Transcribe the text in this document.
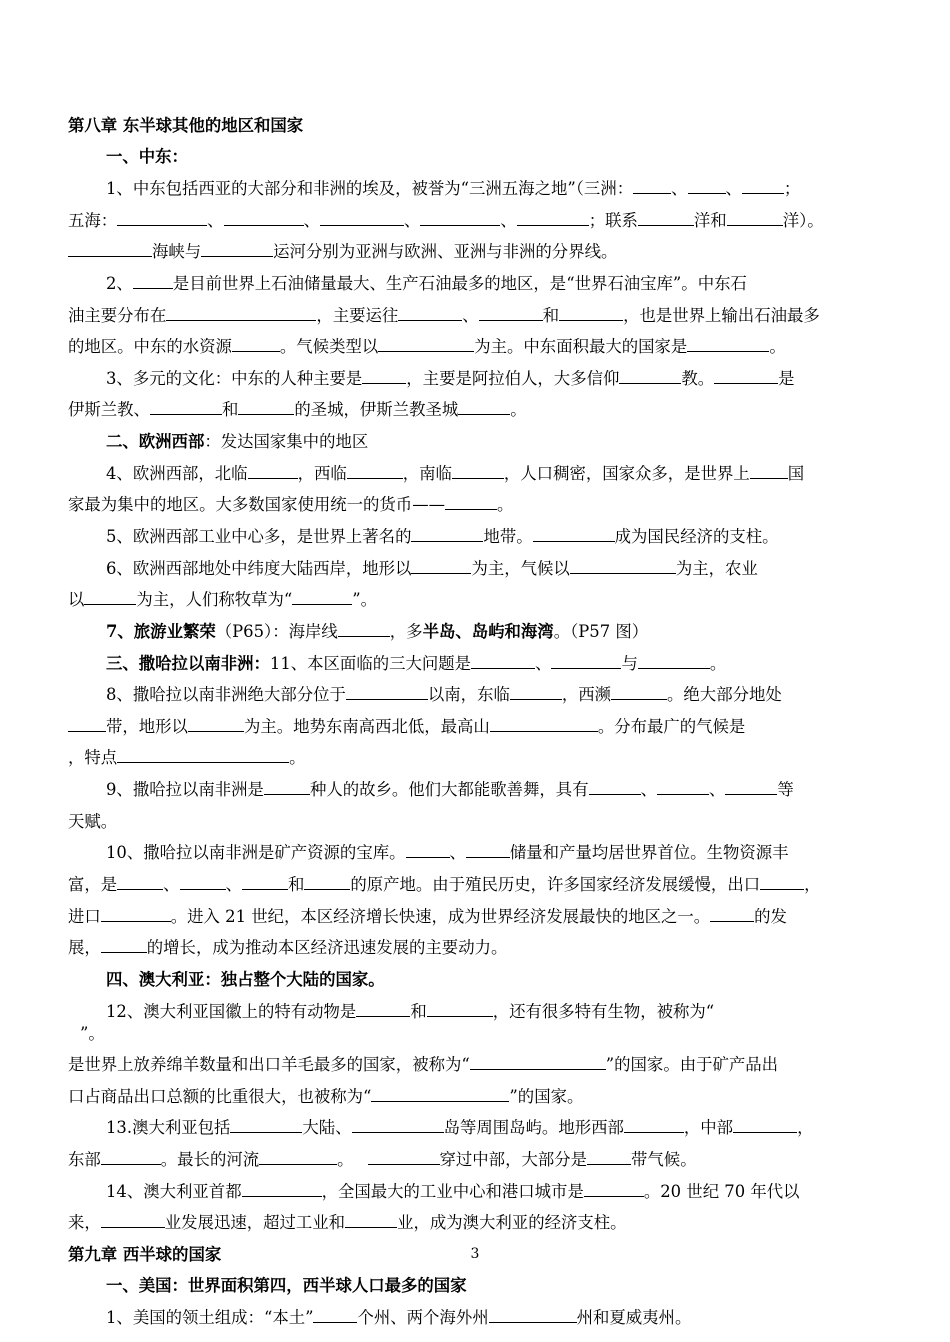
第八章 东半球其他的地区和国家
一、中东：
1、中东包括西亚的大部分和非洲的埃及，被誉为“三洲五海之地”（三洲： 、 、	；
五海：	、	、	、	、	；联系	洋和	洋）。
海峡与	运河分别为亚洲与欧洲、亚洲与非洲的分界线。
2、 是目前世界上石油储量最大、生产石油最多的地区，是“世界石油宝库”。中东石
油主要分布在	，主要运往	、	和	，也是世界上输出石油最多
的地区。中东的水资源	。气候类型以	为主。中东面积最大的国家是	。
3、多元的文化：中东的人种主要是	，主要是阿拉伯人，大多信仰	教。	是
伊斯兰教、	和	的圣城，伊斯兰教圣城	。
二、欧洲西部：发达国家集中的地区
4、欧洲西部，北临	，西临	，南临	，人口稠密，国家众多，是世界上 国
家最为集中的地区。大多数国家使用统一的货币——	。
5、欧洲西部工业中心多，是世界上著名的	地带。	成为国民经济的支柱。
6、欧洲西部地处中纬度大陆西岸，地形以	为主，气候以	为主，农业
以	为主，人们称牧草为“	”。
7、旅游业繁荣（P65）：海岸线	，多半岛、岛屿和海湾。（P57 图）
三、撒哈拉以南非洲：11、本区面临的三大问题是	、	与	。
8、撒哈拉以南非洲绝大部分位于	以南，东临	，西濒	。绝大部分地处
带，地形以	为主。地势东南高西北低，最高山	。分布最广的气候是
，特点	。
9、撒哈拉以南非洲是	种人的故乡。他们大都能歌善舞，具有	、	、	等
天赋。
10、撒哈拉以南非洲是矿产资源的宝库。	、	储量和产量均居世界首位。生物资源丰
富，是	、	、	和	的原产地。由于殖民历史，许多国家经济发展缓慢，出口	，
进口	。进入 21 世纪，本区经济增长快速，成为世界经济发展最快的地区之一。	的发
展，	的增长，成为推动本区经济迅速发展的主要动力。
四、澳大利亚：独占整个大陆的国家。
12、澳大利亚国徽上的特有动物是	和	，还有很多特有生物，被称为“
”。
是世界上放养绵羊数量和出口羊毛最多的国家，被称为“	”的国家。由于矿产品出
口占商品出口总额的比重很大，也被称为“	”的国家。
13.澳大利亚包括	大陆、	岛等周围岛屿。地形西部	，中部	，
东部	。最长的河流	。	穿过中部，大部分是	带气候。
14、澳大利亚首都	，全国最大的工业中心和港口城市是	。20 世纪 70 年代以
来，	业发展迅速，超过工业和	业，成为澳大利亚的经济支柱。
第九章 西半球的国家
一、美国：世界面积第四，西半球人口最多的国家
1、美国的领土组成：“本土”	个州、两个海外州	州和夏威夷州。
3
